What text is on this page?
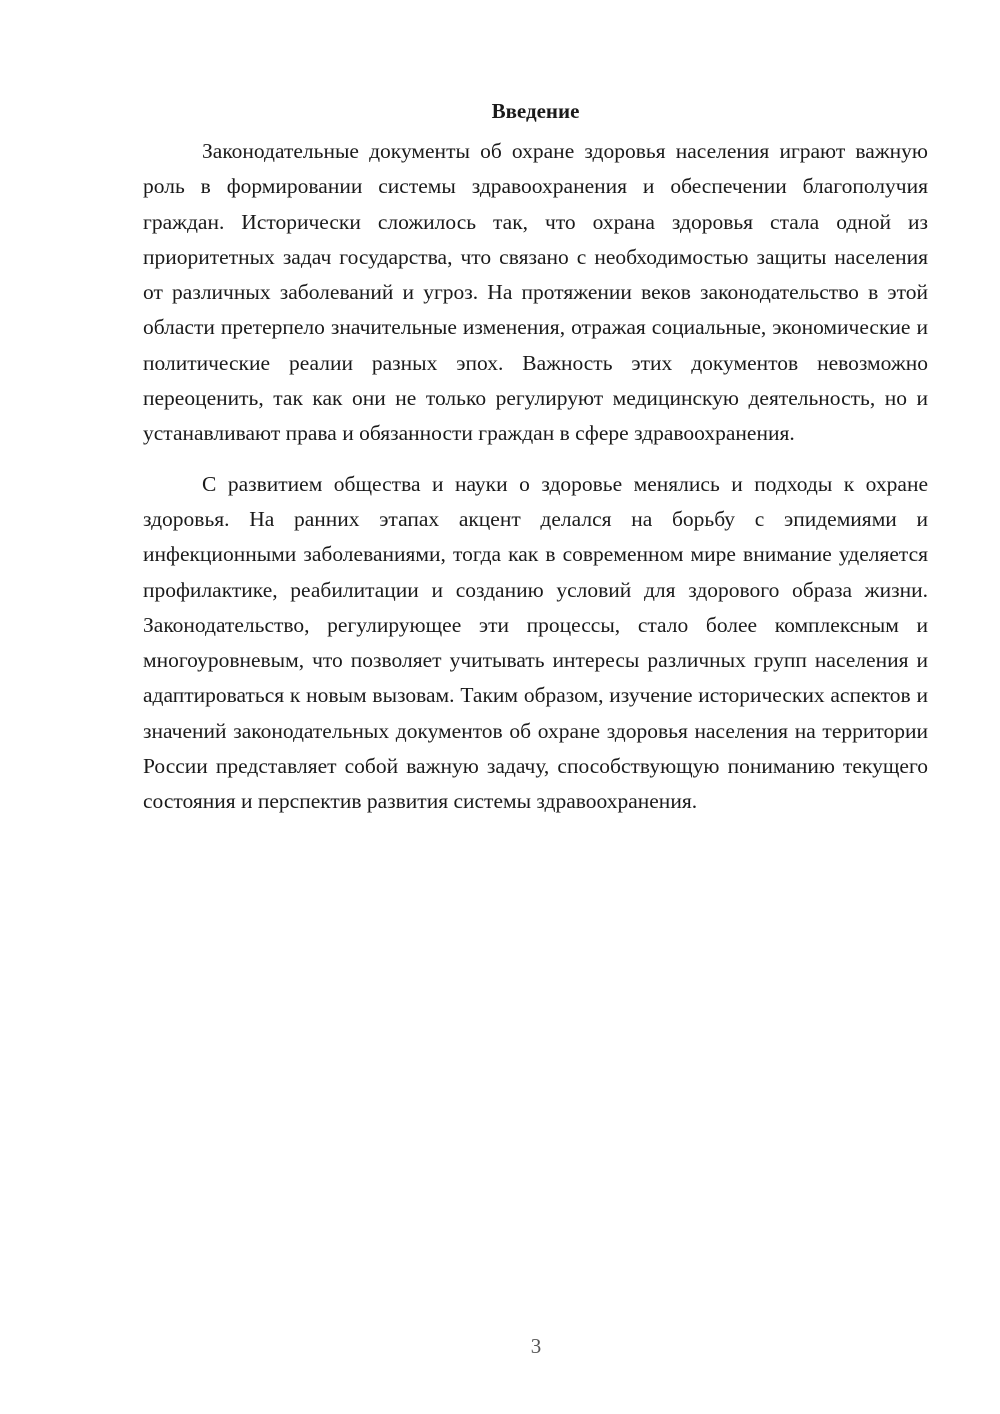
Введение

Законодательные документы об охране здоровья населения играют важную роль в формировании системы здравоохранения и обеспечении благополучия граждан. Исторически сложилось так, что охрана здоровья стала одной из приоритетных задач государства, что связано с необходимостью защиты населения от различных заболеваний и угроз. На протяжении веков законодательство в этой области претерпело значительные изменения, отражая социальные, экономические и политические реалии разных эпох. Важность этих документов невозможно переоценить, так как они не только регулируют медицинскую деятельность, но и устанавливают права и обязанности граждан в сфере здравоохранения.

С развитием общества и науки о здоровье менялись и подходы к охране здоровья. На ранних этапах акцент делался на борьбу с эпидемиями и инфекционными заболеваниями, тогда как в современном мире внимание уделяется профилактике, реабилитации и созданию условий для здорового образа жизни. Законодательство, регулирующее эти процессы, стало более комплексным и многоуровневым, что позволяет учитывать интересы различных групп населения и адаптироваться к новым вызовам. Таким образом, изучение исторических аспектов и значений законодательных документов об охране здоровья населения на территории России представляет собой важную задачу, способствующую пониманию текущего состояния и перспектив развития системы здравоохранения.

3
